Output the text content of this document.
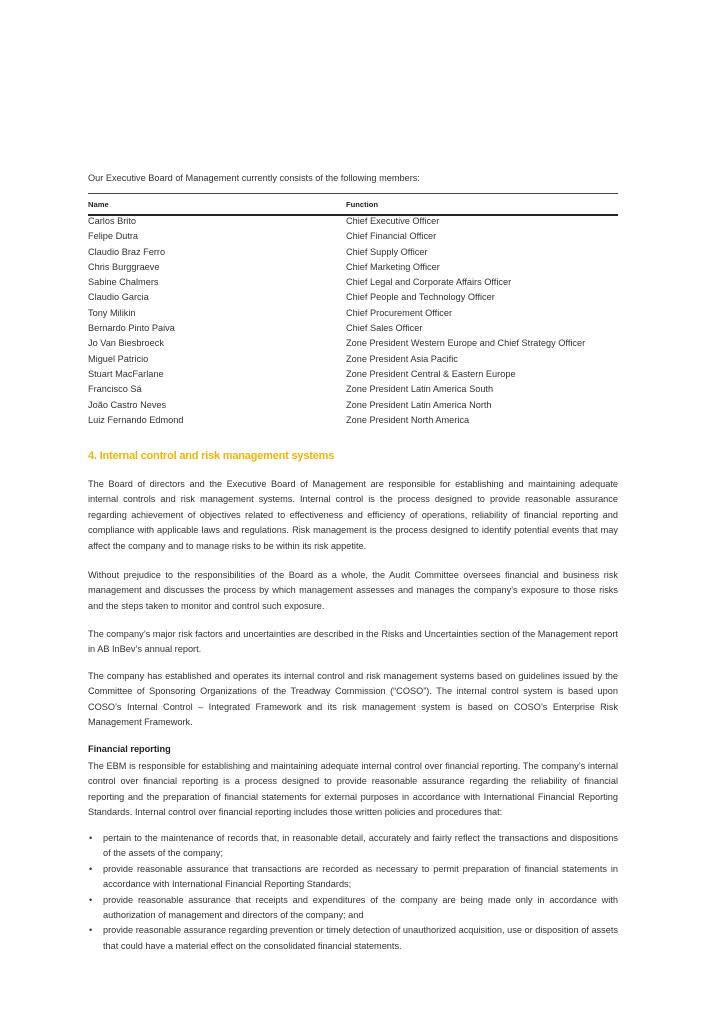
Our Executive Board of Management currently consists of the following members:
Name	Function
Carlos Brito	Chief Executive Officer
Felipe Dutra	Chief Financial Officer
Claudio Braz Ferro	Chief Supply Officer
Chris Burggraeve	Chief Marketing Officer
Sabine Chalmers	Chief Legal and Corporate Affairs Officer
Claudio Garcia	Chief People and Technology Officer
Tony Milikin	Chief Procurement Officer
Bernardo Pinto Paiva	Chief Sales Officer
Jo Van Biesbroeck	Zone President Western Europe and Chief Strategy Officer
Miguel Patricio	Zone President Asia Pacific
Stuart MacFarlane	Zone President Central & Eastern Europe
Francisco Sá	Zone President Latin America South
João Castro Neves	Zone President Latin America North
Luiz Fernando Edmond	Zone President North America
4. Internal control and risk management systems

The Board of directors and the Executive Board of Management are responsible for establishing and maintaining adequate internal controls and risk management systems. Internal control is the process designed to provide reasonable assurance regarding achievement of objectives related to effectiveness and efficiency of operations, reliability of financial reporting and compliance with applicable laws and regulations. Risk management is the process designed to identify potential events that may affect the company and to manage risks to be within its risk appetite.

Without prejudice to the responsibilities of the Board as a whole, the Audit Committee oversees financial and business risk management and discusses the process by which management assesses and manages the company’s exposure to those risks and the steps taken to monitor and control such exposure.

The company’s major risk factors and uncertainties are described in the Risks and Uncertainties section of the Management report in AB InBev’s annual report.

The company has established and operates its internal control and risk management systems based on guidelines issued by the Committee of Sponsoring Organizations of the Treadway Commission (“COSO”). The internal control system is based upon COSO’s Internal Control – Integrated Framework and its risk management system is based on COSO’s Enterprise Risk Management Framework.

Financial reporting

The EBM is responsible for establishing and maintaining adequate internal control over financial reporting. The company’s internal control over financial reporting is a process designed to provide reasonable assurance regarding the reliability of financial reporting and the preparation of financial statements for external purposes in accordance with International Financial Reporting Standards. Internal control over financial reporting includes those written policies and procedures that:

• pertain to the maintenance of records that, in reasonable detail, accurately and fairly reflect the transactions and dispositions of the assets of the company;
• provide reasonable assurance that transactions are recorded as necessary to permit preparation of financial statements in accordance with International Financial Reporting Standards;
• provide reasonable assurance that receipts and expenditures of the company are being made only in accordance with authorization of management and directors of the company; and
• provide reasonable assurance regarding prevention or timely detection of unauthorized acquisition, use or disposition of assets that could have a material effect on the consolidated financial statements.
